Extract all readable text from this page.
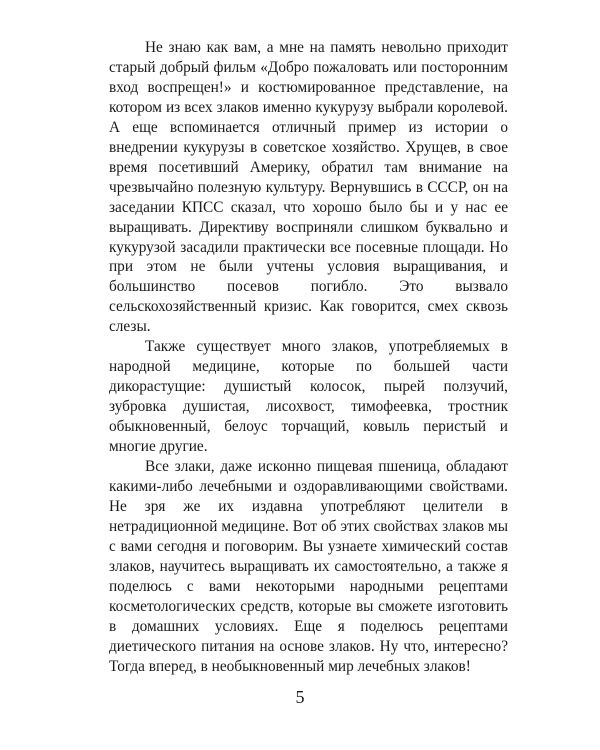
Не знаю как вам, а мне на память невольно приходит старый добрый фильм «Добро пожаловать или посторонним вход воспрещен!» и костюмированное представление, на котором из всех злаков именно кукурузу выбрали королевой. А еще вспоминается отличный пример из истории о внедрении кукурузы в советское хозяйство. Хрущев, в свое время посетивший Америку, обратил там внимание на чрезвычайно полезную культуру. Вернувшись в СССР, он на заседании КПСС сказал, что хорошо было бы и у нас ее выращивать. Директиву восприняли слишком буквально и кукурузой засадили практически все посевные площади. Но при этом не были учтены условия выращивания, и большинство посевов погибло. Это вызвало сельскохозяйственный кризис. Как говорится, смех сквозь слезы.

Также существует много злаков, употребляемых в народной медицине, которые по большей части дикорастущие: душистый колосок, пырей ползучий, зубровка душистая, лисохвост, тимофеевка, тростник обыкновенный, белоус торчащий, ковыль перистый и многие другие.

Все злаки, даже исконно пищевая пшеница, обладают какими-либо лечебными и оздоравливающими свойствами. Не зря же их издавна употребляют целители в нетрадиционной медицине. Вот об этих свойствах злаков мы с вами сегодня и поговорим. Вы узнаете химический состав злаков, научитесь выращивать их самостоятельно, а также я поделюсь с вами некоторыми народными рецептами косметологических средств, которые вы сможете изготовить в домашних условиях. Еще я поделюсь рецептами диетического питания на основе злаков. Ну что, интересно? Тогда вперед, в необыкновенный мир лечебных злаков!

5
